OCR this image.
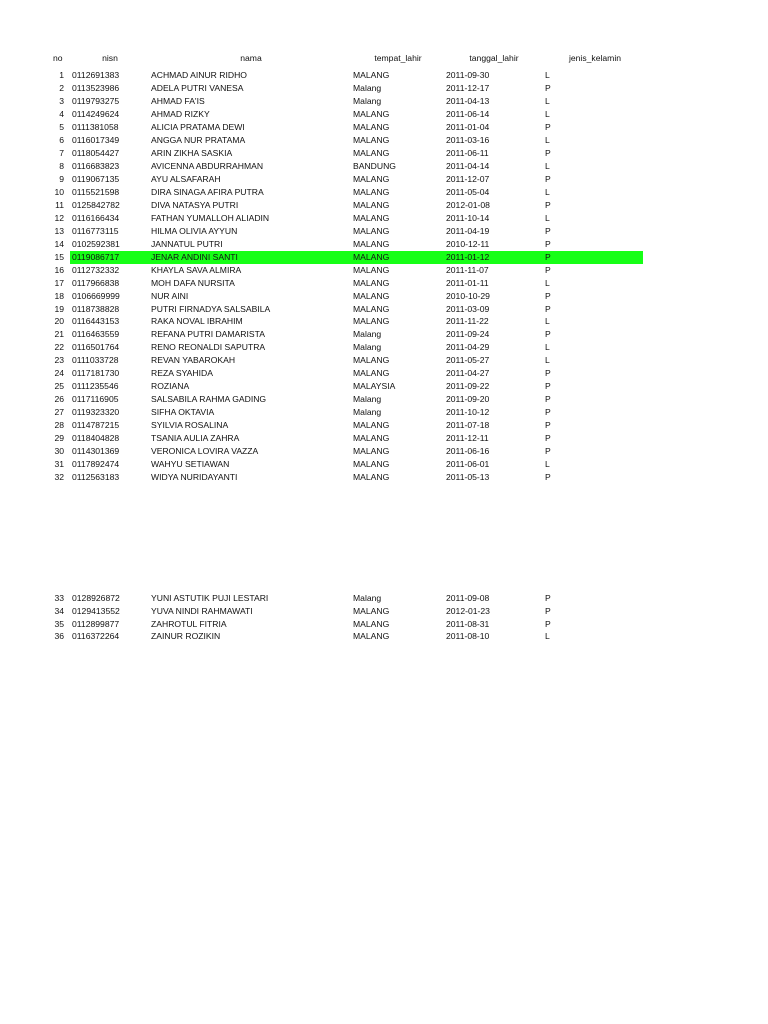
no	nisn	nama	tempat_lahir	tanggal_lahir	jenis_kelamin
1 0112691383	ACHMAD AINUR RIDHO	MALANG	2011-09-30	L
2 0113523986	ADELA PUTRI VANESA	Malang	2011-12-17	P
3 0119793275	AHMAD FA'IS	Malang	2011-04-13	L
4 0114249624	AHMAD RIZKY	MALANG	2011-06-14	L
5 0111381058	ALICIA PRATAMA DEWI	MALANG	2011-01-04	P
6 0116017349	ANGGA NUR PRATAMA	MALANG	2011-03-16	L
7 0118054427	ARIN ZIKHA SASKIA	MALANG	2011-06-11	P
8 0116683823	AVICENNA ABDURRAHMAN	BANDUNG	2011-04-14	L
9 0119067135	AYU ALSAFARAH	MALANG	2011-12-07	P
10 0115521598	DIRA SINAGA AFIRA PUTRA	MALANG	2011-05-04	L
11 0125842782	DIVA NATASYA PUTRI	MALANG	2012-01-08	P
12 0116166434	FATHAN YUMALLOH ALIADIN	MALANG	2011-10-14	L
13 0116773115	HILMA OLIVIA AYYUN	MALANG	2011-04-19	P
14 0102592381	JANNATUL PUTRI	MALANG	2010-12-11	P
15 0119086717	JENAR ANDINI SANTI	MALANG	2011-01-12	P
16 0112732332	KHAYLA SAVA ALMIRA	MALANG	2011-11-07	P
17 0117966838	MOH DAFA NURSITA	MALANG	2011-01-11	L
18 0106669999	NUR AINI	MALANG	2010-10-29	P
19 0118738828	PUTRI FIRNADYA SALSABILA	MALANG	2011-03-09	P
20 0116443153	RAKA NOVAL IBRAHIM	MALANG	2011-11-22	L
21 0116463559	REFANA PUTRI DAMARISTA	Malang	2011-09-24	P
22 0116501764	RENO REONALDI SAPUTRA	Malang	2011-04-29	L
23 0111033728	REVAN YABAROKAH	MALANG	2011-05-27	L
24 0117181730	REZA SYAHIDA	MALANG	2011-04-27	P
25 0111235546	ROZIANA	MALAYSIA	2011-09-22	P
26 0117116905	SALSABILA RAHMA GADING	Malang	2011-09-20	P
27 0119323320	SIFHA OKTAVIA	Malang	2011-10-12	P
28 0114787215	SYILVIA ROSALINA	MALANG	2011-07-18	P
29 0118404828	TSANIA AULIA ZAHRA	MALANG	2011-12-11	P
30 0114301369	VERONICA LOVIRA VAZZA	MALANG	2011-06-16	P
31 0117892474	WAHYU SETIAWAN	MALANG	2011-06-01	L
32 0112563183	WIDYA NURIDAYANTI	MALANG	2011-05-13	P
33 0128926872	YUNI ASTUTIK PUJI LESTARI	Malang	2011-09-08	P
34 0129413552	YUVA NINDI RAHMAWATI	MALANG	2012-01-23	P
35 0112899877	ZAHROTUL FITRIA	MALANG	2011-08-31	P
36 0116372264	ZAINUR ROZIKIN	MALANG	2011-08-10	L
